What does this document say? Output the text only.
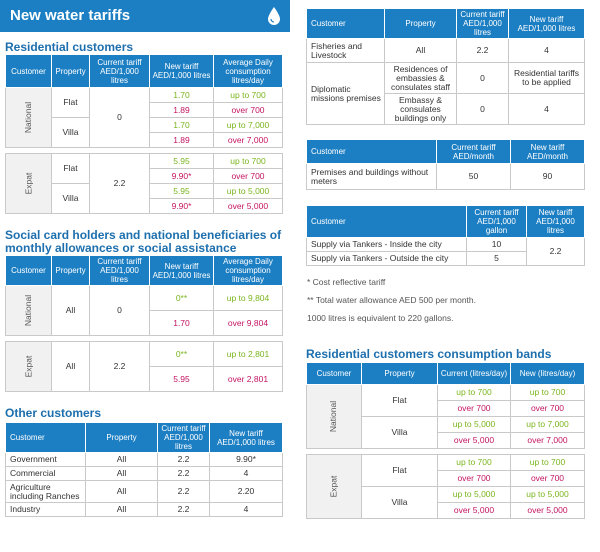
New water tariffs
Residential customers
Customer	Property	Current tariff AED/1,000 litres	New tariff AED/1,000 litres	Average Daily consumption litres/day
National	Flat	0	1.70	up to 700
			1.89	over 700
	Villa		1.70	up to 7,000
			1.89	over 7,000

Expat	Flat	2.2	5.95	up to 700
			9.90*	over 700
	Villa		5.95	up to 5,000
			9.90*	over 5,000
Social card holders and national beneficiaries of
monthly allowances or social assistance
Customer	Property	Current tariff AED/1,000 litres	New tariff AED/1,000 litres	Average Daily consumption litres/day
National	All	0	0**	up to 9,804
			1.70	over 9,804

Expat	All	2.2	0**	up to 2,801
			5.95	over 2,801
Other customers
Customer	Property	Current tariff AED/1,000 litres	New tariff AED/1,000 litres
Government	All	2.2	9.90*
Commercial	All	2.2	4
Agriculture including Ranches	All	2.2	2.20
Industry	All	2.2	4
Customer	Property	Current tariff AED/1,000 litres	New tariff AED/1,000 litres
Fisheries and Livestock	All	2.2	4
Diplomatic missions premises	Residences of embassies & consulates staff	0	Residential tariffs to be applied
	Embassy & consulates buildings only	0	4
Customer	Current tariff AED/month	New tariff AED/month
Premises and buildings without meters	50	90
Customer	Current tariff AED/1,000 gallon	New tariff AED/1,000 litres
Supply via Tankers - Inside the city	10	2.2
Supply via Tankers - Outside the city	5	
* Cost reflective tariff
** Total water allowance AED 500 per month.
1000 litres is equivalent to 220 gallons.
Residential customers consumption bands
Customer	Property	Current (litres/day)	New (litres/day)
National	Flat	up to 700	up to 700
		over 700	over 700
	Villa	up to 5,000	up to 7,000
		over 5,000	over 7,000

Expat	Flat	up to 700	up to 700
		over 700	over 700
	Villa	up to 5,000	up to 5,000
		over 5,000	over 5,000
